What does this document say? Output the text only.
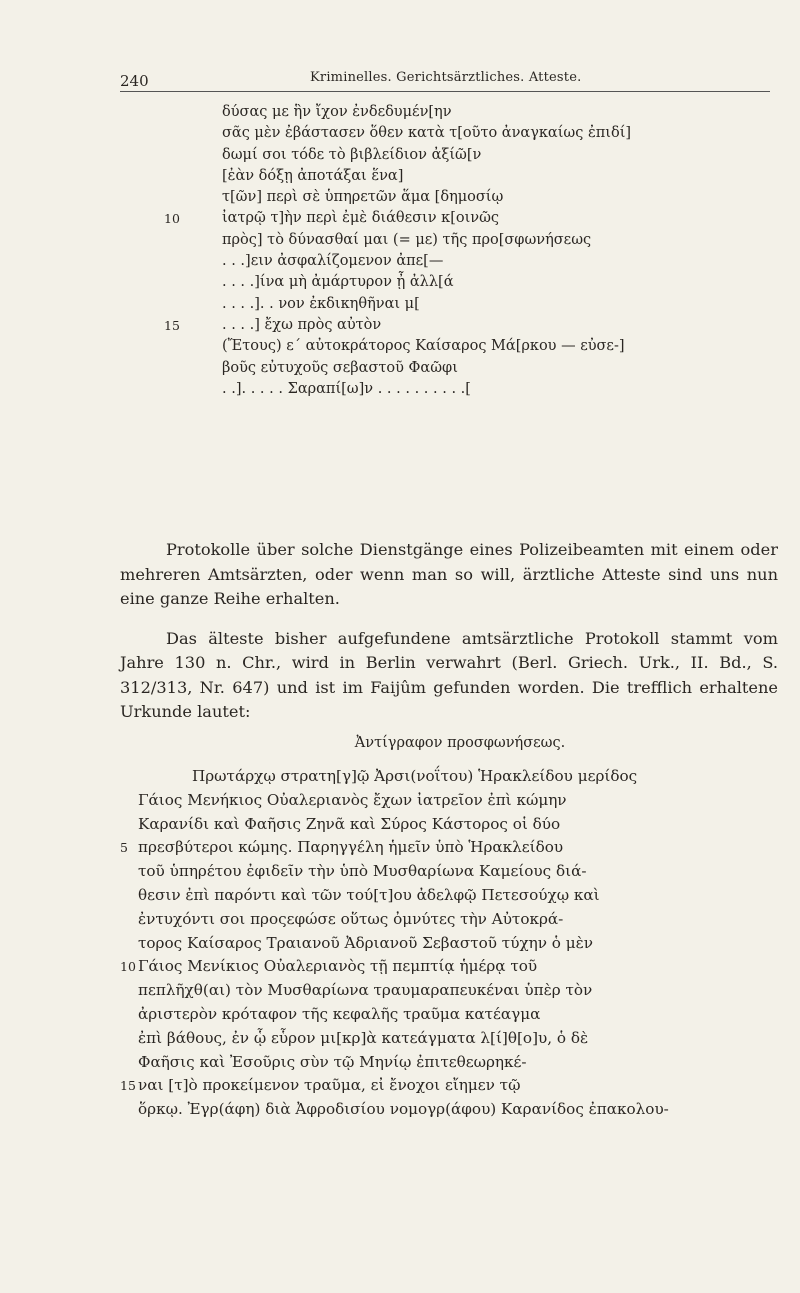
240	Kriminelles. Gerichtsärztliches. Atteste.
δύσας με ἣν ἴχον ἐνδεδυμέν[ην
σᾶς μὲν ἐβάστασεν ὅθεν κατὰ τ[οῦτο ἀναγκαίως ἐπιδί]
δωμί σοι τόδε τὸ βιβλείδιον ἀξίῶ[ν
[ἐὰν δόξῃ ἀποτάξαι ἕνα]
τ[ῶν] περὶ σὲ ὑπηρετῶν ἅμα [δημοσίῳ
10	ἰατρῷ τ]ὴν περὶ ἐμὲ διάθεσιν κ[οινῶς
πρὸς] τὸ δύνασθαί μαι (= με) τῆς προ[σφωνήσεως
. . .]ειν ἀσφαλίζομενον ἀπε[—
. . . .]ίνα μὴ ἀμάρτυρον ᾖ ἀλλ[ά
. . . .]. . νον ἐκδικηθῆναι μ[
15	. . . .] ἔχω πρὸς αὐτὸν
(Ἔτους) ε΄ αὐτοκράτορος Καίσαρος Μά[ρκου — εὐσε-]
βοῦς εὐτυχοῦς σεβαστοῦ Φαῶφι
. .]. . . . . Σαραπί[ω]ν . . . . . . . . . .[

Protokolle über solche Dienstgänge eines Polizeibeamten mit einem oder mehreren Amtsärzten, oder wenn man so will, ärztliche Atteste sind uns nun eine ganze Reihe erhalten.

Das älteste bisher aufgefundene amtsärztliche Protokoll stammt vom Jahre 130 n. Chr., wird in Berlin verwahrt (Berl. Griech. Urk., II. Bd., S. 312/313, Nr. 647) und ist im Faijûm gefunden worden. Die trefflich erhaltene Urkunde lautet:

Ἀντίγραφον προσφωνήσεως.
Πρωτάρχῳ στρατη[γ]ῷ Ἀρσι(νοΐτου) Ἡρακλείδου μερίδος
Γάιος Μενήκιος Οὐαλεριανὸς ἔχων ἰατρεῖον ἐπὶ κώμην
Καρανίδι καὶ Φαῆσις Ζηνᾶ καὶ Σύρος Κάστορος οἱ δύο
5 πρεσβύτεροι κώμης. Παρηγγέλη ἡμεῖν ὑπὸ Ἡρακλείδου
τοῦ ὑπηρέτου ἐφιδεῖν τὴν ὑπὸ Μυσθαρίωνα Καμείους διά-
θεσιν ἐπὶ παρόντι καὶ τῶν τού[τ]ου ἀδελφῷ Πετεσούχῳ καὶ
ἐντυχόντι σοι προςεφώσε οὕτως ὀμνύτες τὴν Αὐτοκρά-
τορος Καίσαρος Τραιανοῦ Ἀδριανοῦ Σεβαστοῦ τύχην ὁ μὲν
10 Γάιος Μενίκιος Οὐαλεριανὸς τῇ πεμπτίᾳ ἡμέρᾳ τοῦ
πεπλῆχθ(αι) τὸν Μυσθαρίωνα τραυμαραπευκέναι ὑπὲρ τὸν
ἀριστερὸν κρόταφον τῆς κεφαλῆς τραῦμα κατέαγμα
ἐπὶ βάθους, ἐν ᾧ εὗρον μι[κρ]ὰ κατεάγματα λ[ί]θ[ο]υ, ὁ δὲ
Φαῆσις καὶ Ἐσοῦρις σὺν τῷ Μηνίῳ ἐπιτεθεωρηκέ-
15 ναι [τ]ὸ προκείμενον τραῦμα, εἰ ἔνοχοι εἴημεν τῷ
ὅρκῳ. Ἐγρ(άφη) διὰ Ἀφροδισίου νομογρ(άφου) Καρανίδος ἐπακολου-
